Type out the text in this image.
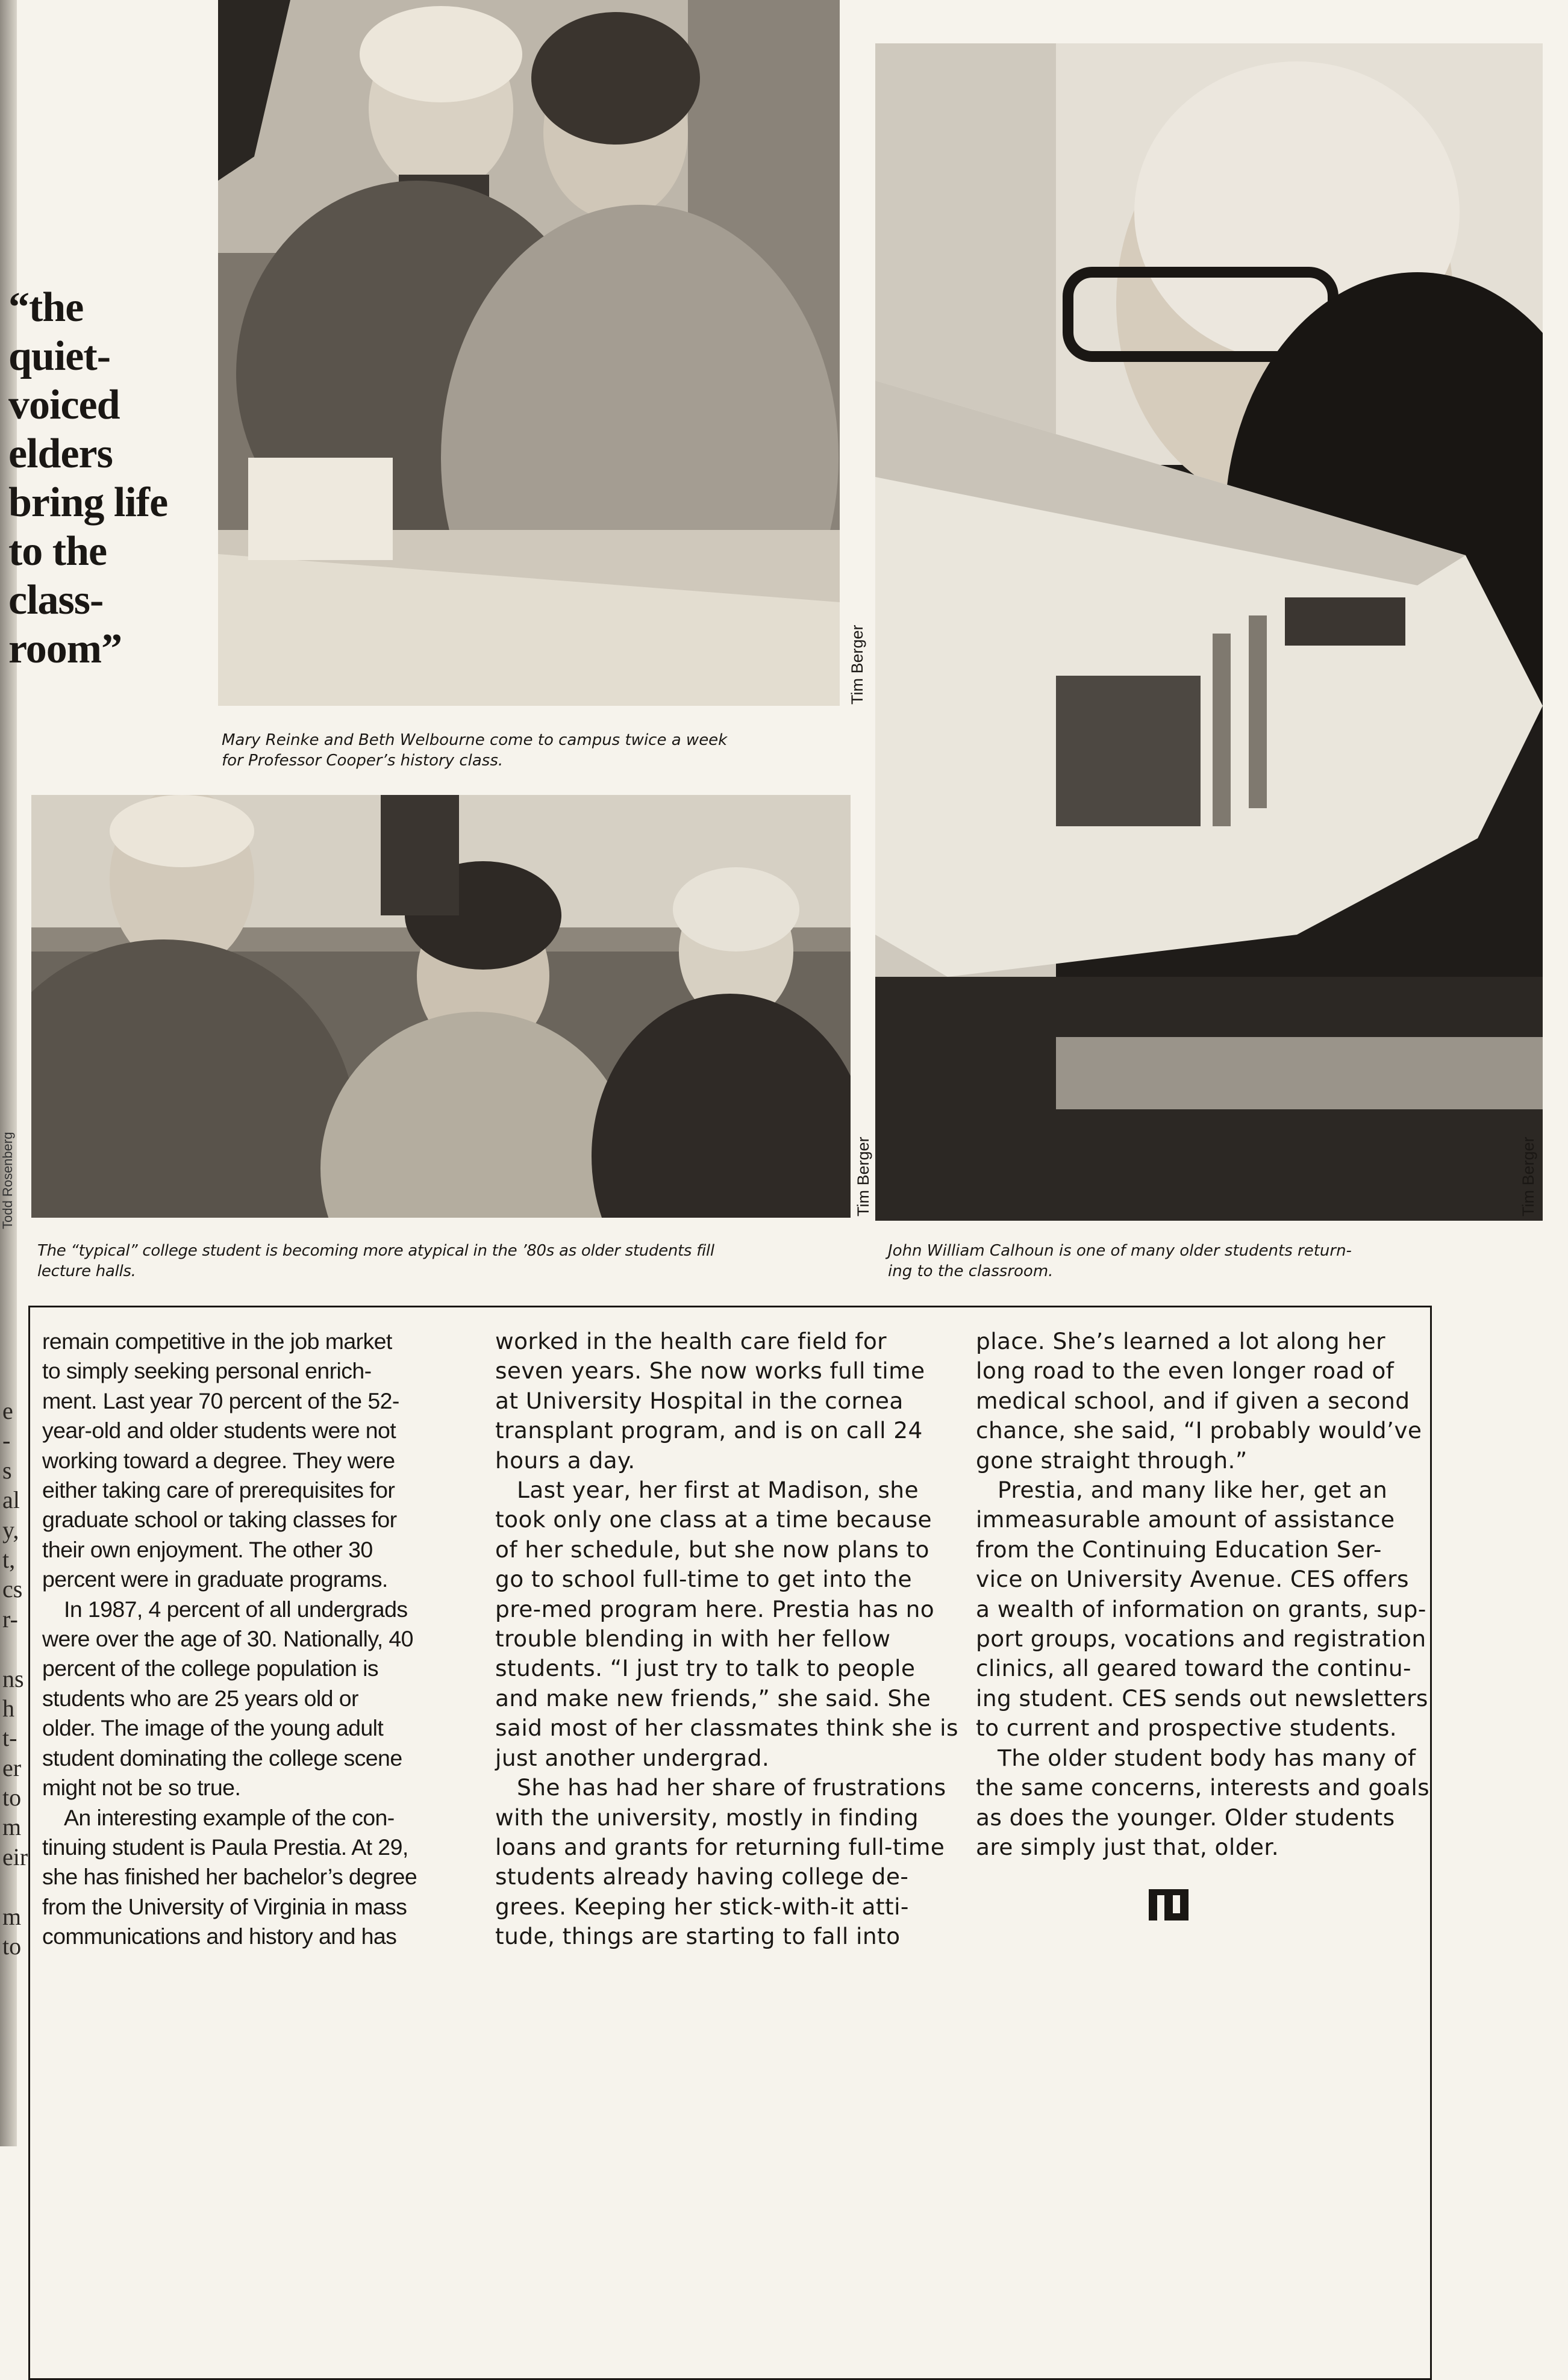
Todd Rosenberg
e
-
s
al
y,
t,
cs
r-
ns
h
t-
er
to
m
eir
m
to
“the
quiet-
voiced
elders
bring life
to the
class-
room”	Tim Berger
Mary Reinke and Beth Welbourne come to campus twice a week
for Professor Cooper’s history class.
Tim Berger
The “typical” college student is becoming more atypical in the ’80s as older students fill
lecture halls.
Tim Berger
John William Calhoun is one of many older students return-
ing to the classroom.

remain competitive in the job market

to simply seeking personal enrich-

ment. Last year 70 percent of the 52-

year-old and older students were not

working toward a degree. They were

either taking care of prerequisites for

graduate school or taking classes for

their own enjoyment. The other 30

percent were in graduate programs.

In 1987, 4 percent of all undergrads

were over the age of 30. Nationally, 40

percent of the college population is

students who are 25 years old or

older. The image of the young adult

student dominating the college scene

might not be so true.

An interesting example of the con-

tinuing student is Paula Prestia. At 29,

she has finished her bachelor’s degree

from the University of Virginia in mass

communications and history and has

worked in the health care field for

seven years. She now works full time

at University Hospital in the cornea

transplant program, and is on call 24

hours a day.

Last year, her first at Madison, she

took only one class at a time because

of her schedule, but she now plans to

go to school full-time to get into the

pre-med program here. Prestia has no

trouble blending in with her fellow

students. “I just try to talk to people

and make new friends,” she said. She

said most of her classmates think she is

just another undergrad.

She has had her share of frustrations

with the university, mostly in finding

loans and grants for returning full-time

students already having college de-

grees. Keeping her stick-with-it atti-

tude, things are starting to fall into

place. She’s learned a lot along her

long road to the even longer road of

medical school, and if given a second

chance, she said, “I probably would’ve

gone straight through.”

Prestia, and many like her, get an

immeasurable amount of assistance

from the Continuing Education Ser-

vice on University Avenue. CES offers

a wealth of information on grants, sup-

port groups, vocations and registration

clinics, all geared toward the continu-

ing student. CES sends out newsletters

to current and prospective students.

The older student body has many of

the same concerns, interests and goals

as does the younger. Older students

are simply just that, older.
